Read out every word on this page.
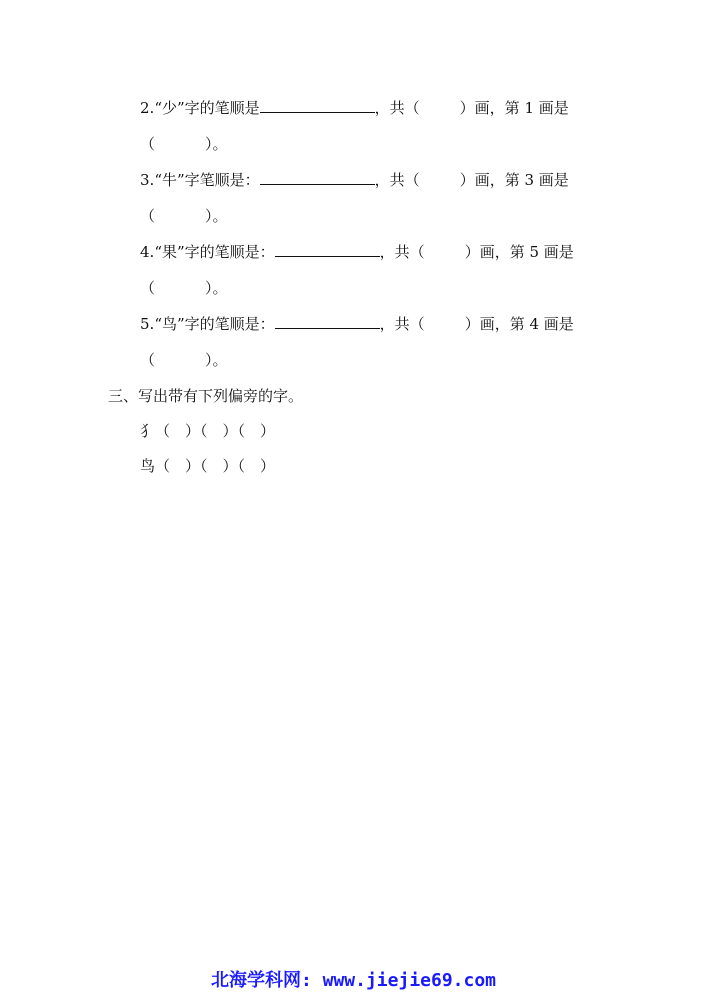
2.“少”字的笔顺是	，共（	）画，第 1 画是
（	）。
3.“牛”字笔顺是：	，共（	）画，第 3 画是
（	）。
4.“果”字的笔顺是：	，共（	）画，第 5 画是
（	）。
5.“鸟”字的笔顺是：	，共（	）画，第 4 画是
（	）。
三、写出带有下列偏旁的字。
犭（　）（　）（　）
鸟（　）（　）（　）
北海学科网: www.jiejie69.com
